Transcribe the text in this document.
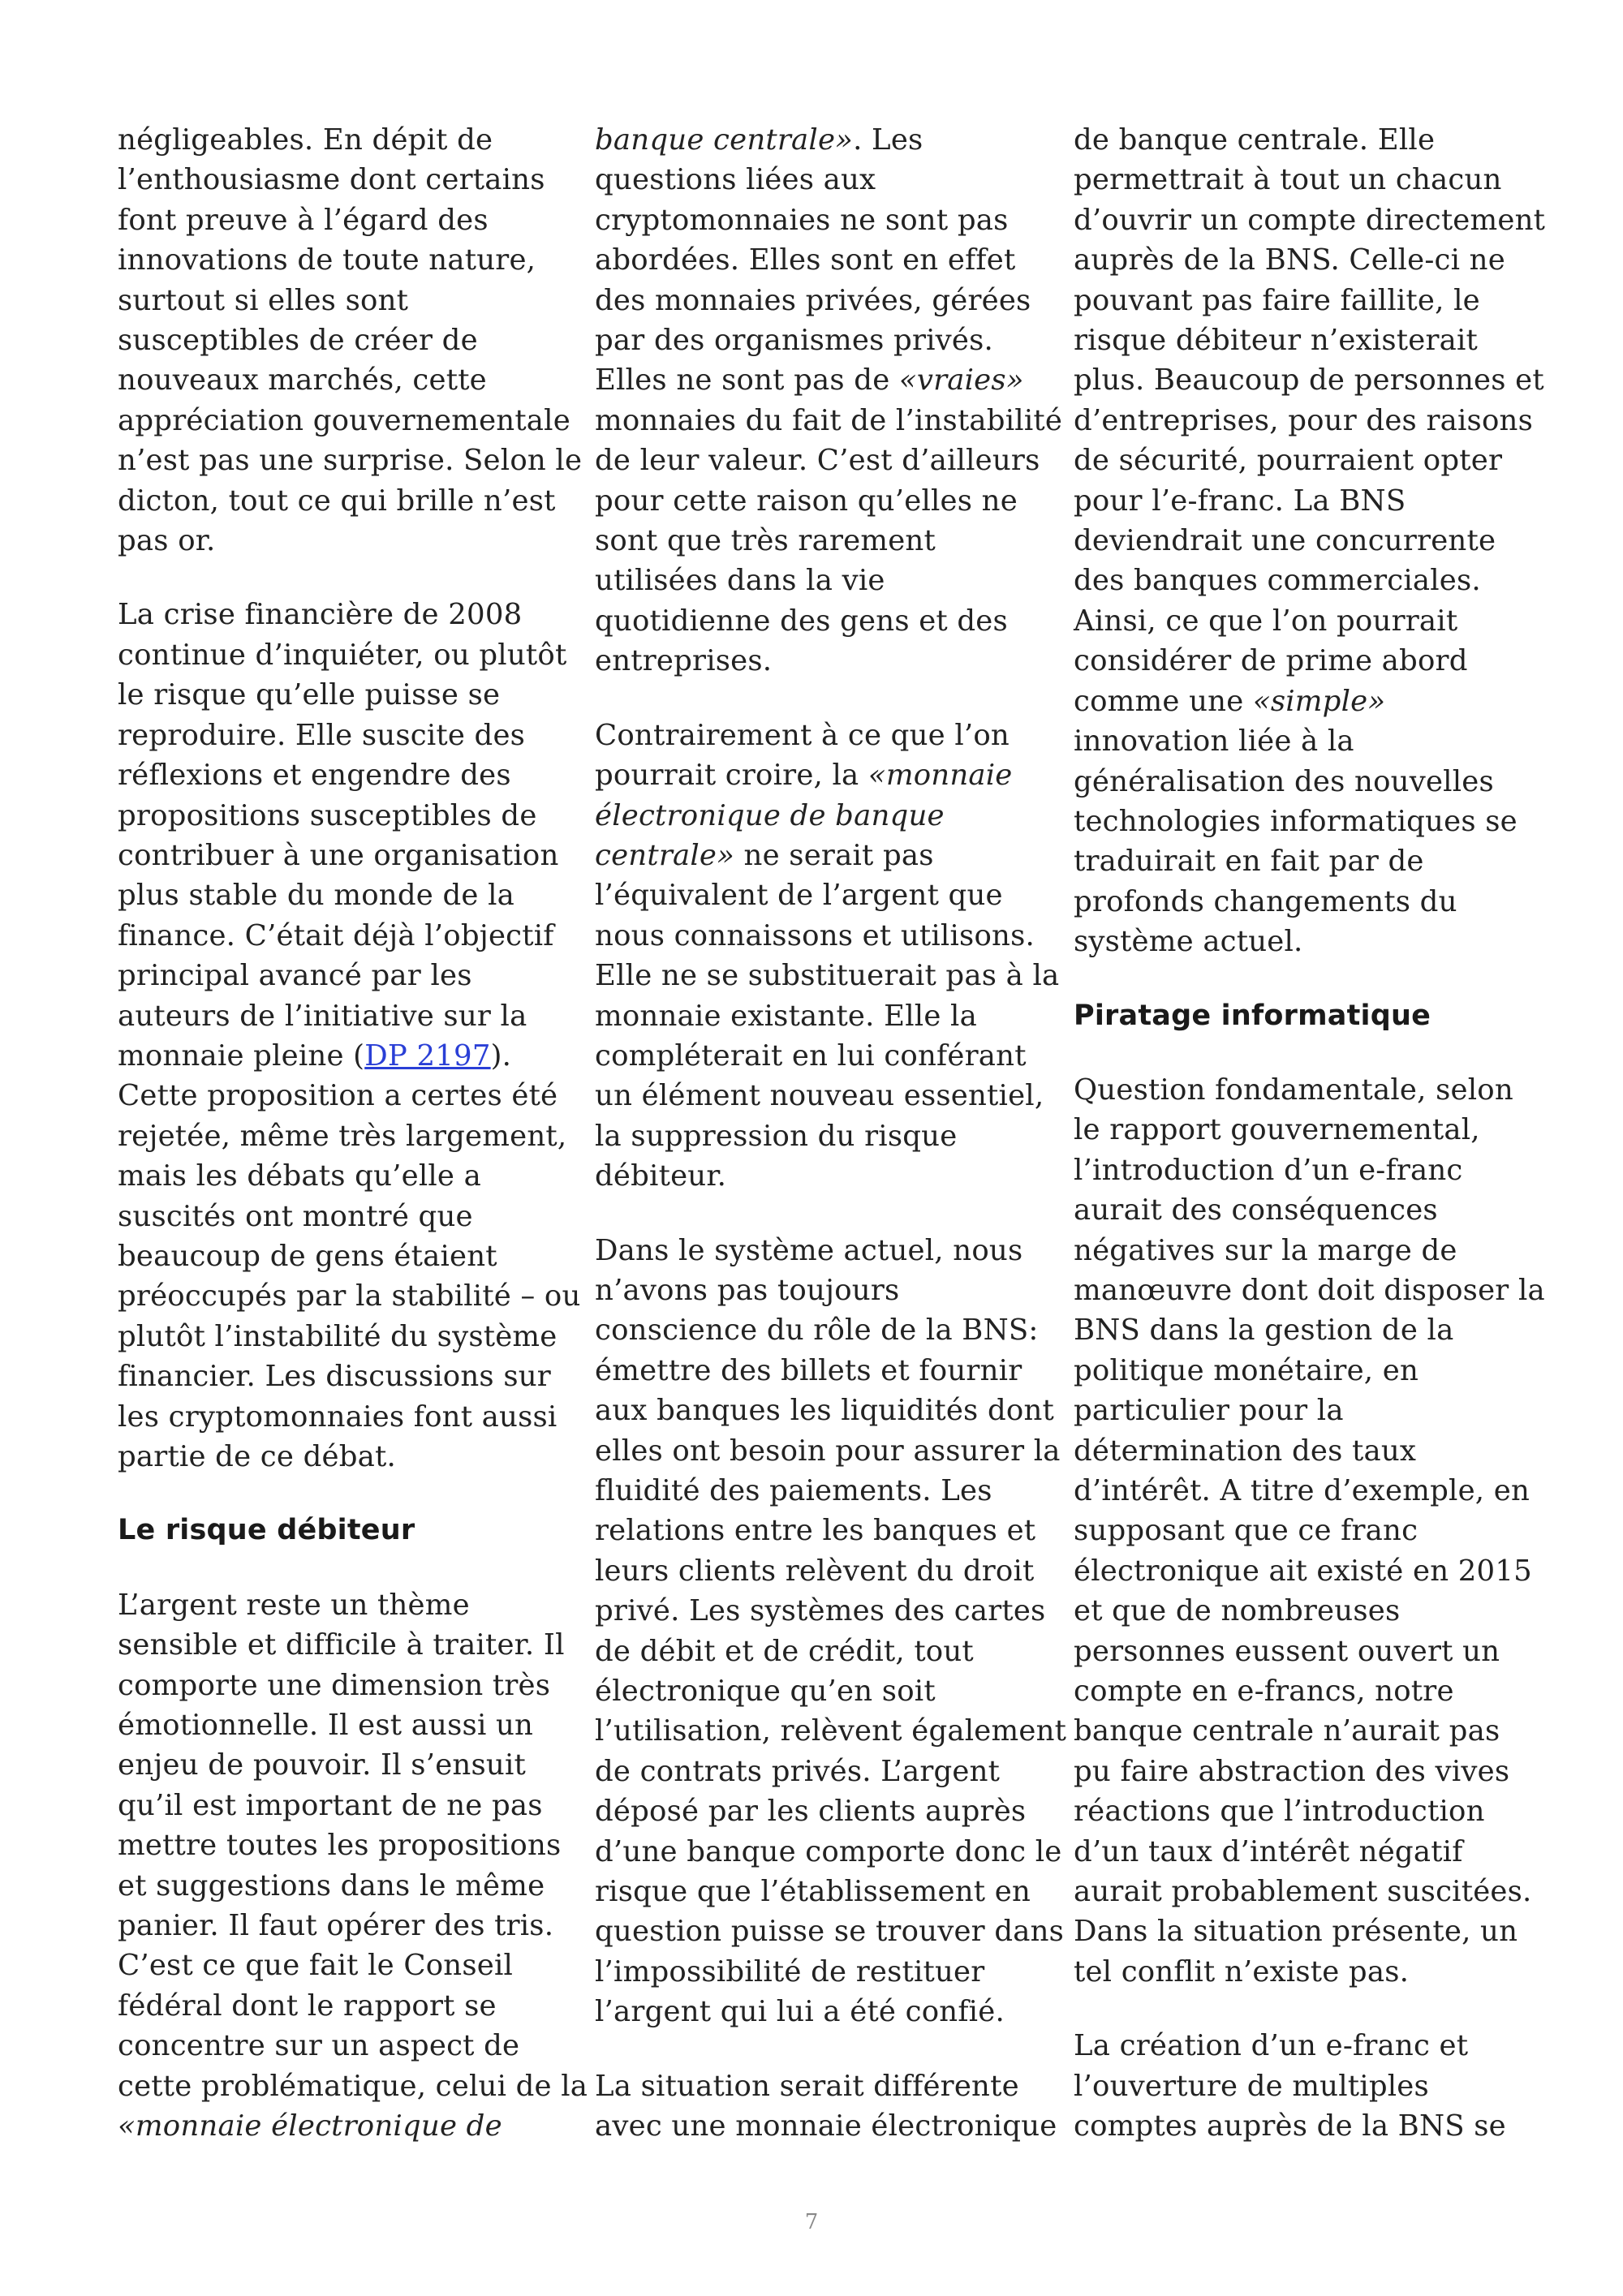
négligeables. En dépit de
l’enthousiasme dont certains
font preuve à l’égard des
innovations de toute nature,
surtout si elles sont
susceptibles de créer de
nouveaux marchés, cette
appréciation gouvernementale
n’est pas une surprise. Selon le
dicton, tout ce qui brille n’est
pas or.

La crise financière de 2008
continue d’inquiéter, ou plutôt
le risque qu’elle puisse se
reproduire. Elle suscite des
réflexions et engendre des
propositions susceptibles de
contribuer à une organisation
plus stable du monde de la
finance. C’était déjà l’objectif
principal avancé par les
auteurs de l’initiative sur la
monnaie pleine (DP 2197).
Cette proposition a certes été
rejetée, même très largement,
mais les débats qu’elle a
suscités ont montré que
beaucoup de gens étaient
préoccupés par la stabilité – ou
plutôt l’instabilité du système
financier. Les discussions sur
les cryptomonnaies font aussi
partie de ce débat.

Le risque débiteur

L’argent reste un thème
sensible et difficile à traiter. Il
comporte une dimension très
émotionnelle. Il est aussi un
enjeu de pouvoir. Il s’ensuit
qu’il est important de ne pas
mettre toutes les propositions
et suggestions dans le même
panier. Il faut opérer des tris.
C’est ce que fait le Conseil
fédéral dont le rapport se
concentre sur un aspect de
cette problématique, celui de la
«monnaie électronique de

banque centrale». Les
questions liées aux
cryptomonnaies ne sont pas
abordées. Elles sont en effet
des monnaies privées, gérées
par des organismes privés.
Elles ne sont pas de «vraies»
monnaies du fait de l’instabilité
de leur valeur. C’est d’ailleurs
pour cette raison qu’elles ne
sont que très rarement
utilisées dans la vie
quotidienne des gens et des
entreprises.

Contrairement à ce que l’on
pourrait croire, la «monnaie
électronique de banque
centrale» ne serait pas
l’équivalent de l’argent que
nous connaissons et utilisons.
Elle ne se substituerait pas à la
monnaie existante. Elle la
compléterait en lui conférant
un élément nouveau essentiel,
la suppression du risque
débiteur.

Dans le système actuel, nous
n’avons pas toujours
conscience du rôle de la BNS:
émettre des billets et fournir
aux banques les liquidités dont
elles ont besoin pour assurer la
fluidité des paiements. Les
relations entre les banques et
leurs clients relèvent du droit
privé. Les systèmes des cartes
de débit et de crédit, tout
électronique qu’en soit
l’utilisation, relèvent également
de contrats privés. L’argent
déposé par les clients auprès
d’une banque comporte donc le
risque que l’établissement en
question puisse se trouver dans
l’impossibilité de restituer
l’argent qui lui a été confié.

La situation serait différente
avec une monnaie électronique

de banque centrale. Elle
permettrait à tout un chacun
d’ouvrir un compte directement
auprès de la BNS. Celle-ci ne
pouvant pas faire faillite, le
risque débiteur n’existerait
plus. Beaucoup de personnes et
d’entreprises, pour des raisons
de sécurité, pourraient opter
pour l’e-franc. La BNS
deviendrait une concurrente
des banques commerciales.
Ainsi, ce que l’on pourrait
considérer de prime abord
comme une «simple»
innovation liée à la
généralisation des nouvelles
technologies informatiques se
traduirait en fait par de
profonds changements du
système actuel.

Piratage informatique

Question fondamentale, selon
le rapport gouvernemental,
l’introduction d’un e-franc
aurait des conséquences
négatives sur la marge de
manœuvre dont doit disposer la
BNS dans la gestion de la
politique monétaire, en
particulier pour la
détermination des taux
d’intérêt. A titre d’exemple, en
supposant que ce franc
électronique ait existé en 2015
et que de nombreuses
personnes eussent ouvert un
compte en e-francs, notre
banque centrale n’aurait pas
pu faire abstraction des vives
réactions que l’introduction
d’un taux d’intérêt négatif
aurait probablement suscitées.
Dans la situation présente, un
tel conflit n’existe pas.

La création d’un e-franc et
l’ouverture de multiples
comptes auprès de la BNS se

7
